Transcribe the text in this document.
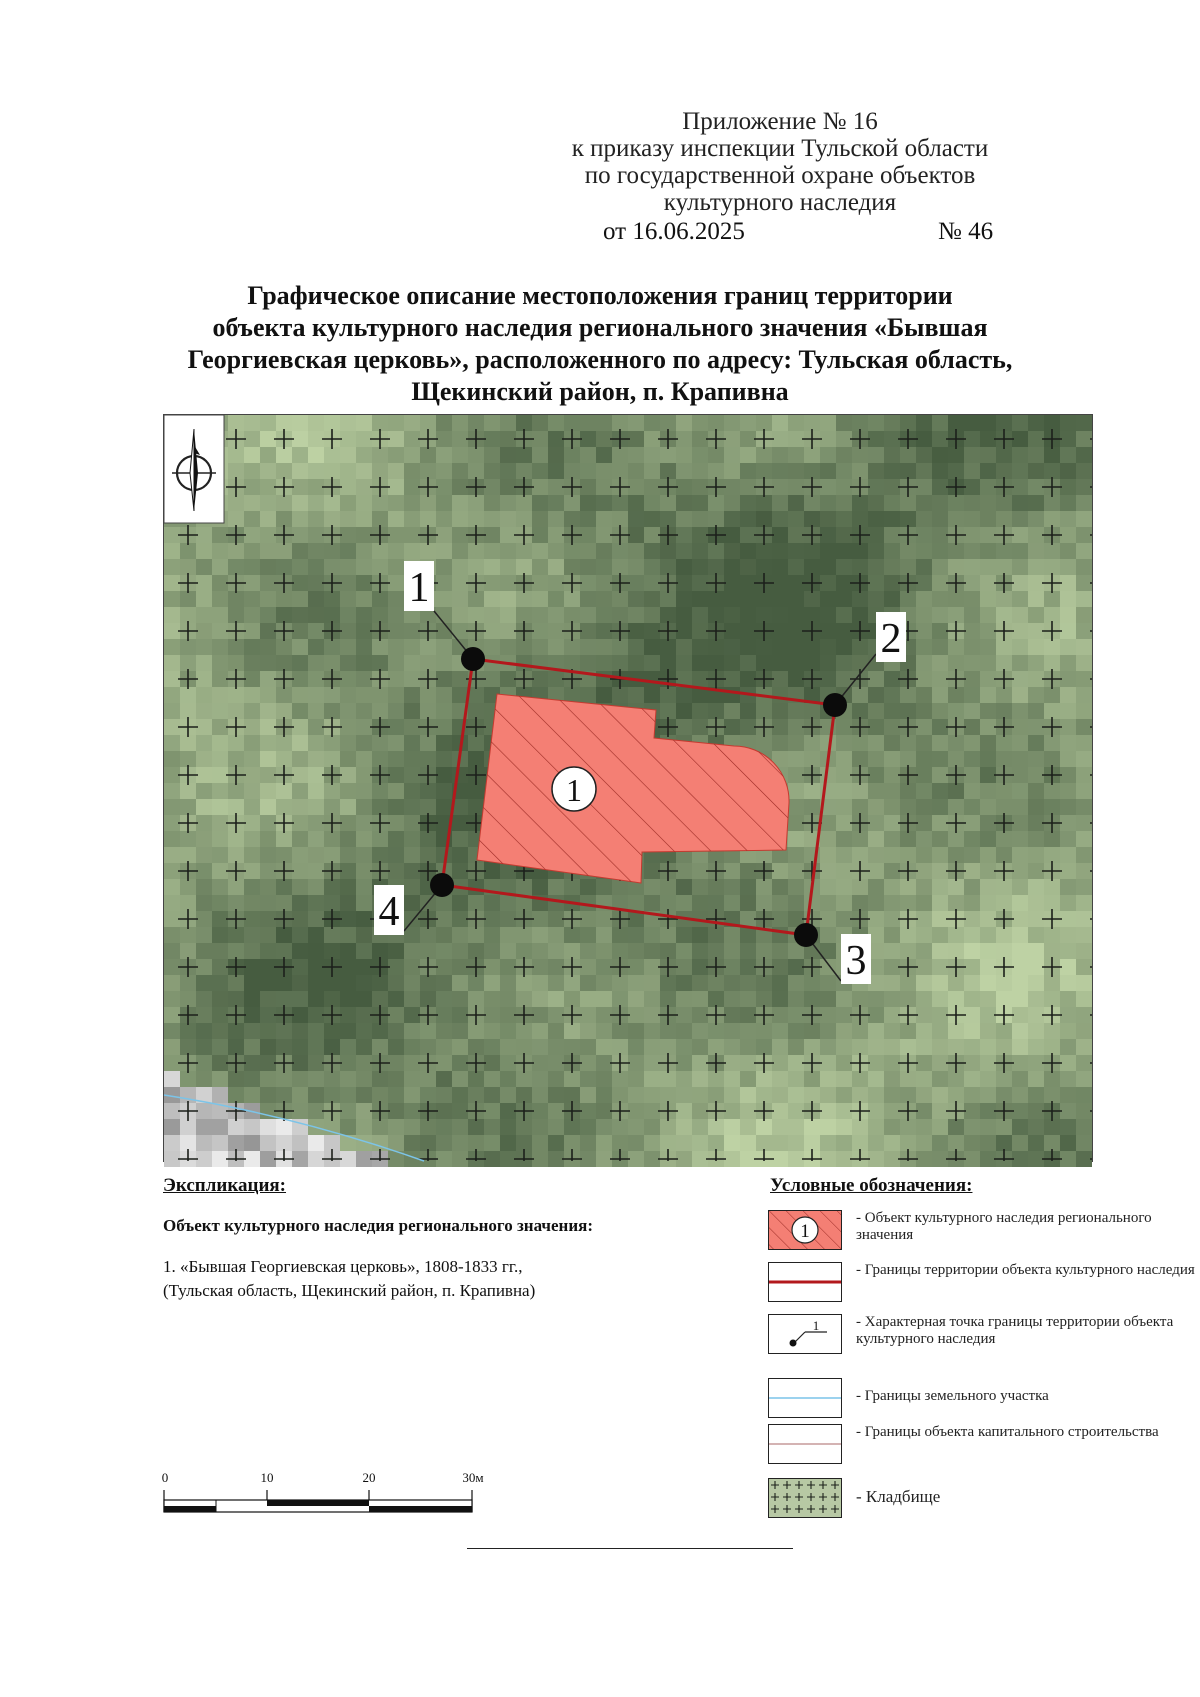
Приложение № 16
к приказу инспекции Тульской области
по государственной охране объектов
культурного наследия
от 16.06.2025	№ 46
Графическое описание местоположения границ территории
объекта культурного наследия регионального значения «Бывшая
Георгиевская церковь», расположенного по адресу: Тульская область,
Щекинский район, п. Крапивна
1
1
2
3
4
Экспликация:
Объект культурного наследия регионального значения:
1. «Бывшая Георгиевская церковь», 1808-1833 гг.,
(Тульская область, Щекинский район, п. Крапивна)
Условные обозначения:
1
- Объект культурного наследия регионального значения
- Границы территории объекта культурного наследия
1 - Характерная точка границы территории объекта культурного наследия
- Границы земельного участка
- Границы объекта капитального строительства
- Кладбище
0	10	20	30м
